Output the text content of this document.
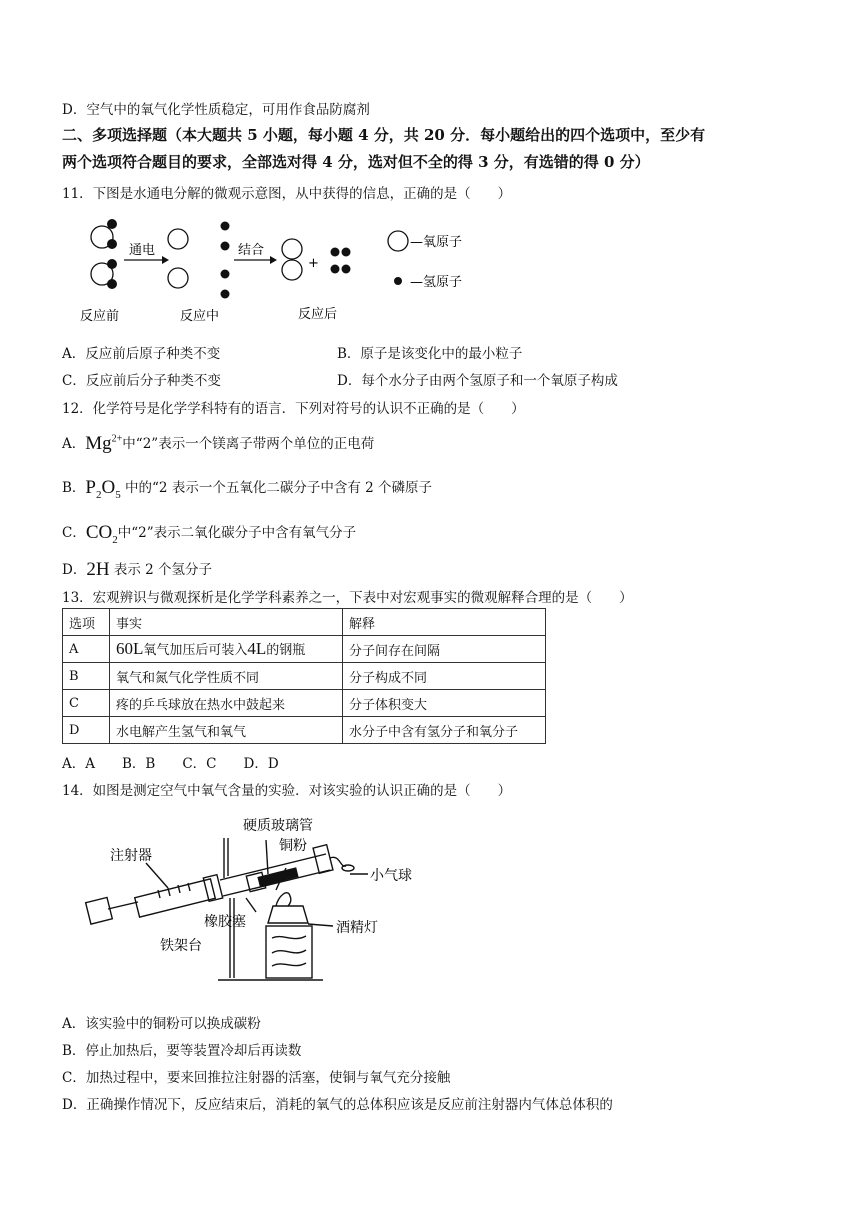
D．空气中的氧气化学性质稳定，可用作食品防腐剂
二、多项选择题（本大题共 5 小题，每小题 4 分，共 20 分．每小题给出的四个选项中，至少有
两个选项符合题目的要求，全部选对得 4 分，选对但不全的得 3 分，有选错的得 0 分）
11．下图是水通电分解的微观示意图，从中获得的信息，正确的是（　　）
通电	结合
+
反应前	反应中	反应后
—氧原子
—氢原子
A．反应前后原子种类不变	B．原子是该变化中的最小粒子
C．反应前后分子种类不变	D．每个水分子由两个氢原子和一个氧原子构成
12．化学符号是化学学科特有的语言．下列对符号的认识不正确的是（　　）
A．$Mg^{2+}$中“2”表示一个镁离子带两个单位的正电荷
B．$P_2O_5$ 中的“2 表示一个五氧化二碳分子中含有 2 个磷原子
C．$CO_2$中“2”表示二氧化碳分子中含有氧气分子
D．2H 表示 2 个氢分子
13．宏观辨识与微观探析是化学学科素养之一，下表中对宏观事实的微观解释合理的是（　　）
选项	事实	解释
A	60L氧气加压后可装入4L的钢瓶	分子间存在间隔
B	氧气和氮气化学性质不同	分子构成不同
C	疼的乒乓球放在热水中鼓起来	分子体积变大
D	水电解产生氢气和氧气	水分子中含有氢分子和氧分子
A．A　　B．B　　C．C　　D．D
14．如图是测定空气中氧气含量的实验．对该实验的认识正确的是（　　）
注射器
硬质玻璃管
铜粉
小气球
橡胶塞	酒精灯
铁架台
A．该实验中的铜粉可以换成碳粉
B．停止加热后，要等装置冷却后再读数
C．加热过程中，要来回推拉注射器的活塞，使铜与氧气充分接触
D．正确操作情况下，反应结束后，消耗的氧气的总体积应该是反应前注射器内气体总体积的
